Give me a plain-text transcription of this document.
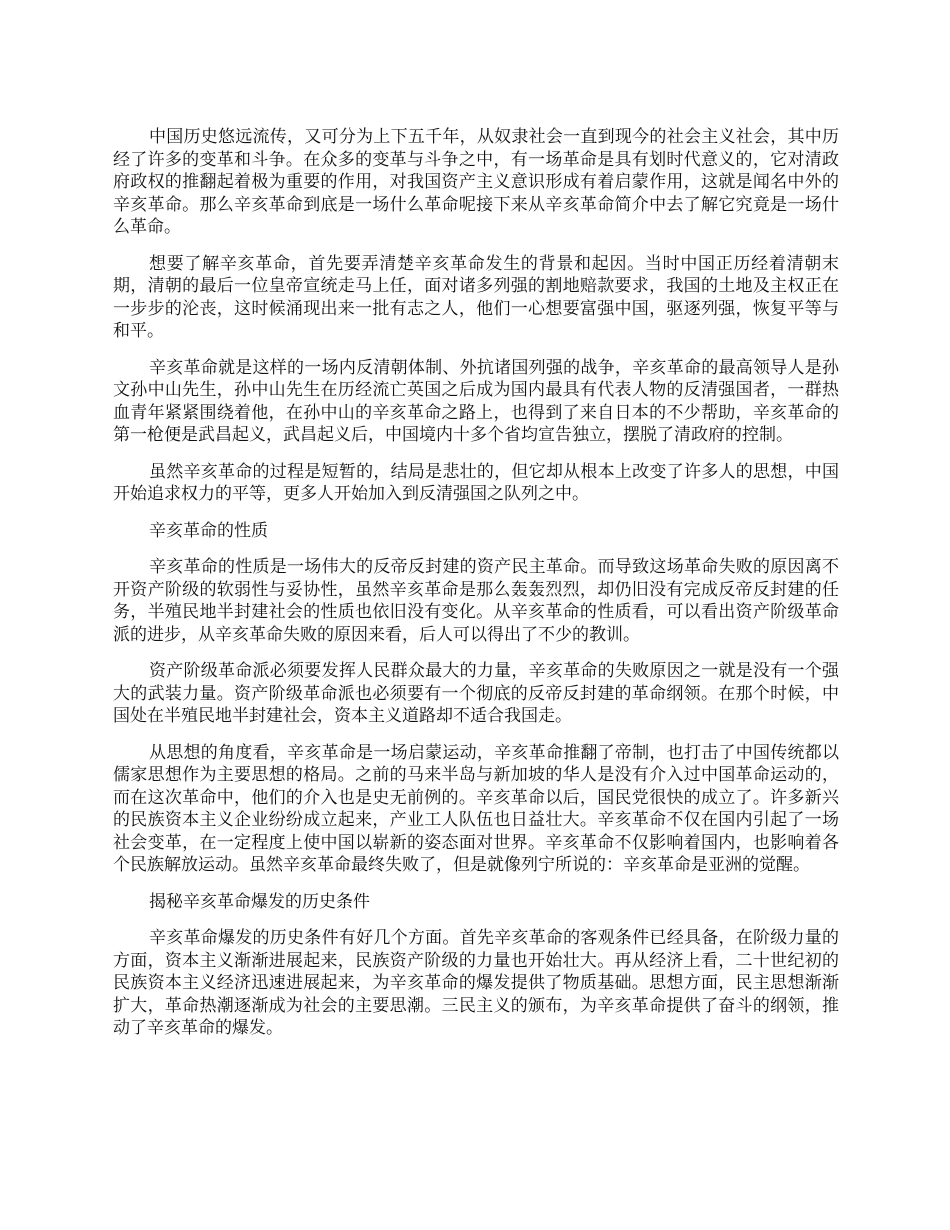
中国历史悠远流传，又可分为上下五千年，从奴隶社会一直到现今的社会主义社会，其中历经了许多的变革和斗争。在众多的变革与斗争之中，有一场革命是具有划时代意义的，它对清政府政权的推翻起着极为重要的作用，对我国资产主义意识形成有着启蒙作用，这就是闻名中外的辛亥革命。那么辛亥革命到底是一场什么革命呢接下来从辛亥革命简介中去了解它究竟是一场什么革命。

想要了解辛亥革命，首先要弄清楚辛亥革命发生的背景和起因。当时中国正历经着清朝末期，清朝的最后一位皇帝宣统走马上任，面对诸多列强的割地赔款要求，我国的土地及主权正在一步步的沦丧，这时候涌现出来一批有志之人，他们一心想要富强中国，驱逐列强，恢复平等与和平。

辛亥革命就是这样的一场内反清朝体制、外抗诸国列强的战争，辛亥革命的最高领导人是孙文孙中山先生，孙中山先生在历经流亡英国之后成为国内最具有代表人物的反清强国者，一群热血青年紧紧围绕着他，在孙中山的辛亥革命之路上，也得到了来自日本的不少帮助，辛亥革命的第一枪便是武昌起义，武昌起义后，中国境内十多个省均宣告独立，摆脱了清政府的控制。

虽然辛亥革命的过程是短暂的，结局是悲壮的，但它却从根本上改变了许多人的思想，中国开始追求权力的平等，更多人开始加入到反清强国之队列之中。

辛亥革命的性质

辛亥革命的性质是一场伟大的反帝反封建的资产民主革命。而导致这场革命失败的原因离不开资产阶级的软弱性与妥协性，虽然辛亥革命是那么轰轰烈烈，却仍旧没有完成反帝反封建的任务，半殖民地半封建社会的性质也依旧没有变化。从辛亥革命的性质看，可以看出资产阶级革命派的进步，从辛亥革命失败的原因来看，后人可以得出了不少的教训。

资产阶级革命派必须要发挥人民群众最大的力量，辛亥革命的失败原因之一就是没有一个强大的武装力量。资产阶级革命派也必须要有一个彻底的反帝反封建的革命纲领。在那个时候，中国处在半殖民地半封建社会，资本主义道路却不适合我国走。

从思想的角度看，辛亥革命是一场启蒙运动，辛亥革命推翻了帝制，也打击了中国传统都以儒家思想作为主要思想的格局。之前的马来半岛与新加坡的华人是没有介入过中国革命运动的，而在这次革命中，他们的介入也是史无前例的。辛亥革命以后，国民党很快的成立了。许多新兴的民族资本主义企业纷纷成立起来，产业工人队伍也日益壮大。辛亥革命不仅在国内引起了一场社会变革，在一定程度上使中国以崭新的姿态面对世界。辛亥革命不仅影响着国内，也影响着各个民族解放运动。虽然辛亥革命最终失败了，但是就像列宁所说的：辛亥革命是亚洲的觉醒。

揭秘辛亥革命爆发的历史条件

辛亥革命爆发的历史条件有好几个方面。首先辛亥革命的客观条件已经具备，在阶级力量的方面，资本主义渐渐进展起来，民族资产阶级的力量也开始壮大。再从经济上看，二十世纪初的民族资本主义经济迅速进展起来，为辛亥革命的爆发提供了物质基础。思想方面，民主思想渐渐扩大，革命热潮逐渐成为社会的主要思潮。三民主义的颁布，为辛亥革命提供了奋斗的纲领，推动了辛亥革命的爆发。
